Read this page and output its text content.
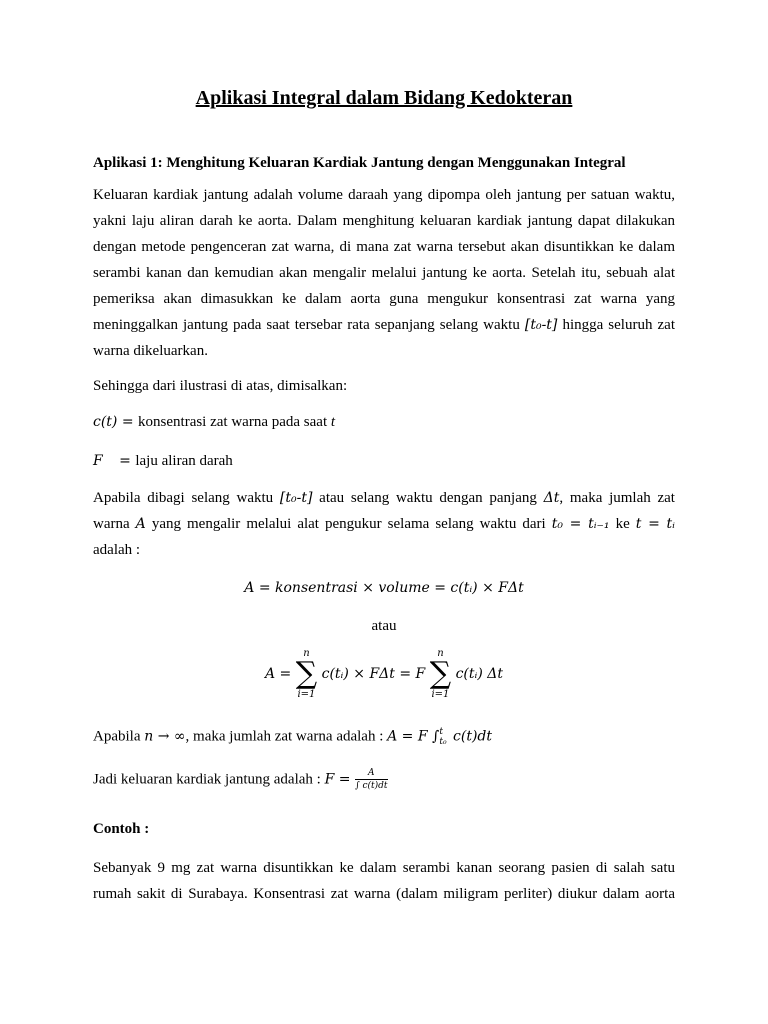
Aplikasi Integral dalam Bidang Kedokteran
Aplikasi 1: Menghitung Keluaran Kardiak Jantung dengan Menggunakan Integral

Keluaran kardiak jantung adalah volume daraah yang dipompa oleh jantung per satuan waktu, yakni laju aliran darah ke aorta. Dalam menghitung keluaran kardiak jantung dapat dilakukan dengan metode pengenceran zat warna, di mana zat warna tersebut akan disuntikkan ke dalam serambi kanan dan kemudian akan mengalir melalui jantung ke aorta. Setelah itu, sebuah alat pemeriksa akan dimasukkan ke dalam aorta guna mengukur konsentrasi zat warna yang meninggalkan jantung pada saat tersebar rata sepanjang selang waktu [t₀-t] hingga seluruh zat warna dikeluarkan.

Sehingga dari ilustrasi di atas, dimisalkan:
c(t) = konsentrasi zat warna pada saat t
F = laju aliran darah
Apabila dibagi selang waktu [t₀-t] atau selang waktu dengan panjang Δt, maka jumlah zat
warna A yang mengalir melalui alat pengukur selama selang waktu dari t₀ = tᵢ₋₁ ke t = tᵢ
adalah :
A = konsentrasi × volume = c(tᵢ) × FΔt
atau
A =
n
∑
i=1
c(tᵢ) × FΔt = F
n
∑
i=1
c(tᵢ) Δt
Apabila n → ∞, maka jumlah zat warna adalah : A = F ∫ t
t₀ c(t)dt
Jadi keluaran kardiak jantung adalah : $F = \frac{A}{\int c(t)dt}$
Contoh :
Sebanyak 9 mg zat warna disuntikkan ke dalam serambi kanan seorang pasien di salah satu
rumah sakit di Surabaya. Konsentrasi zat warna (dalam miligram perliter) diukur dalam aorta
